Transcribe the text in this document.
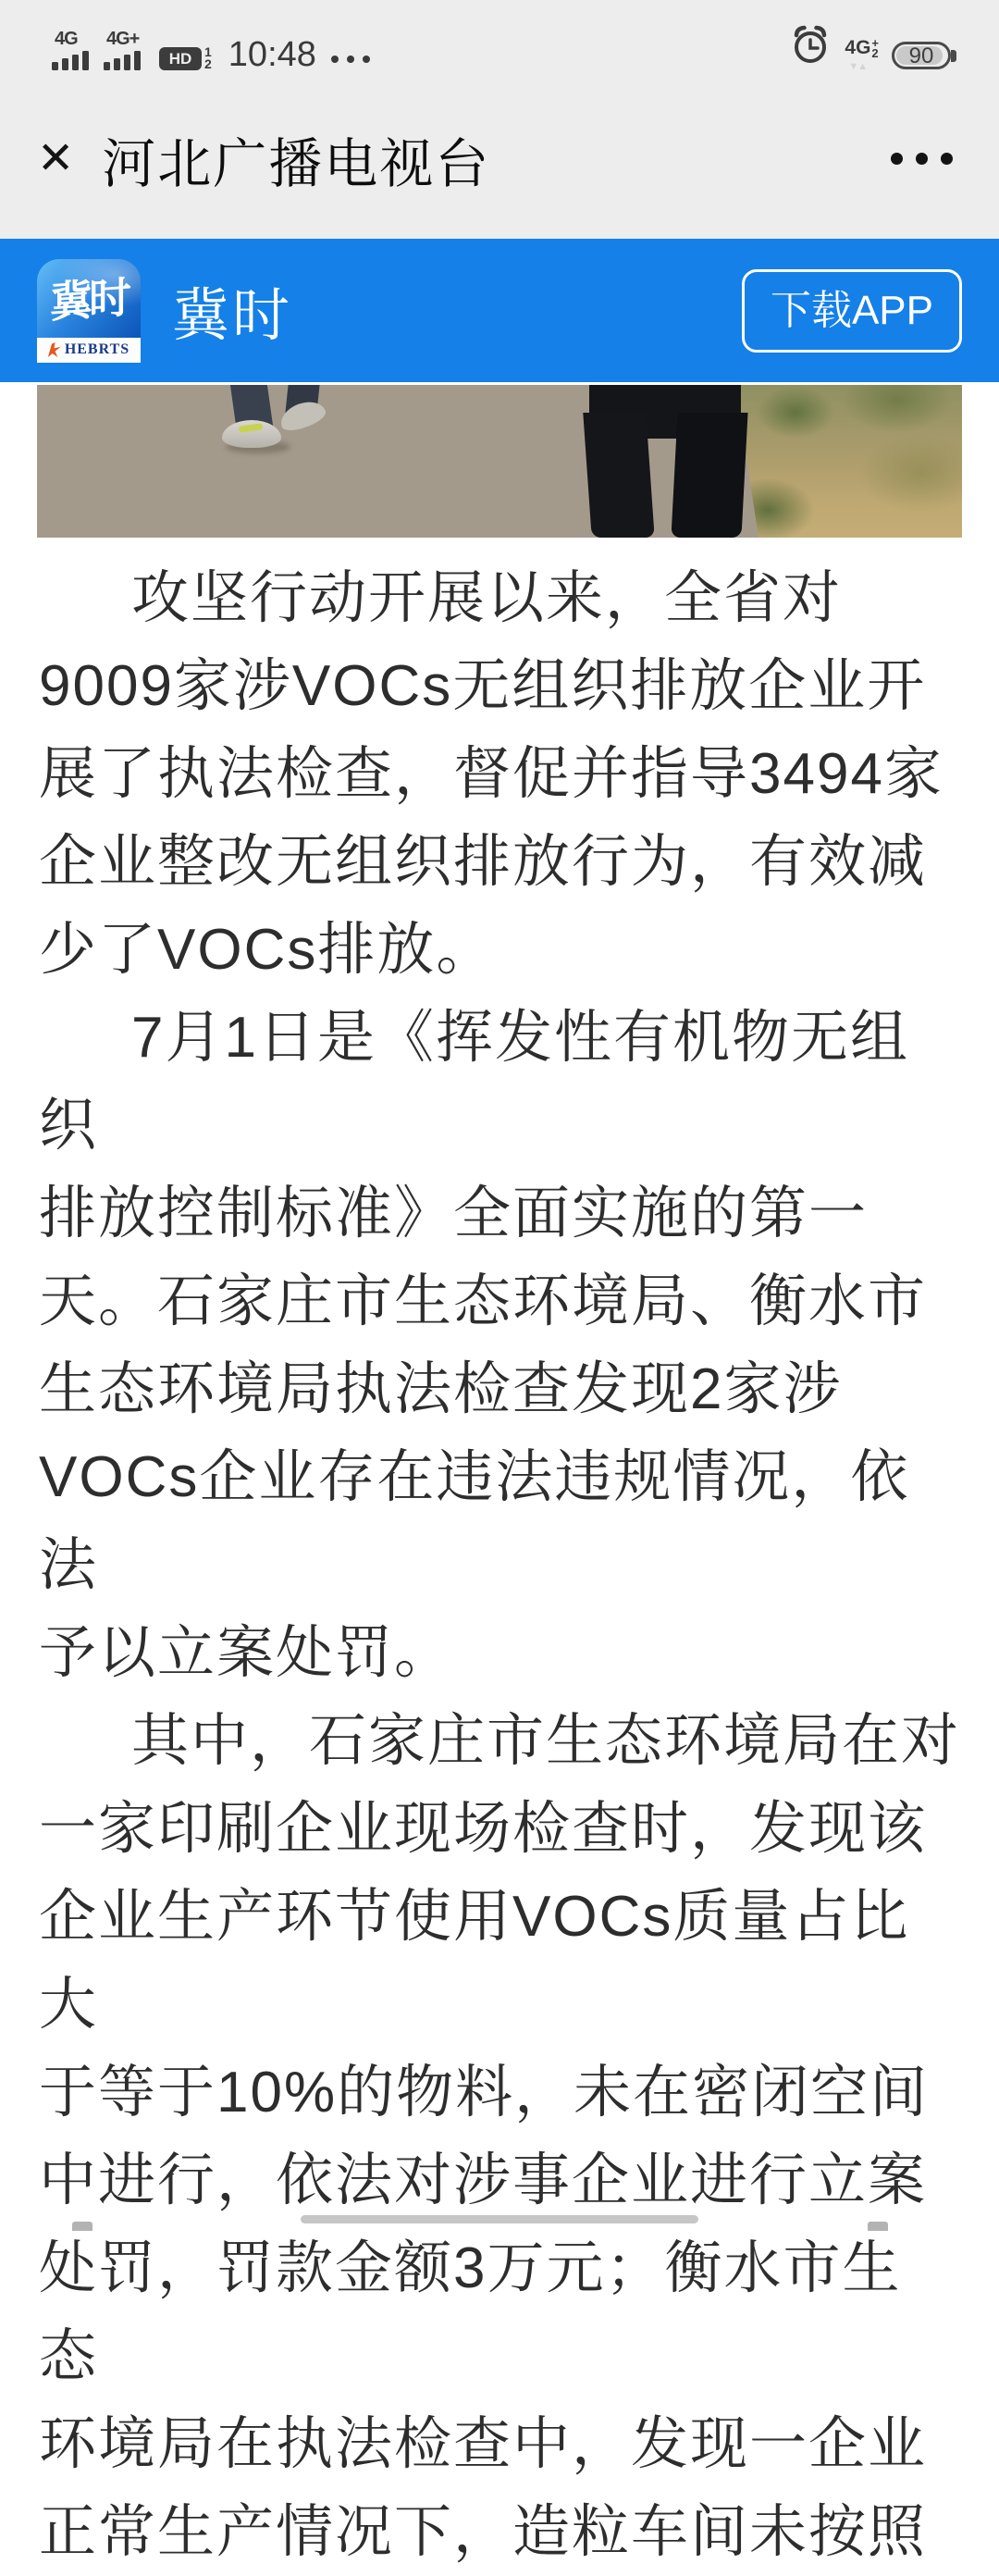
4G	4G+
HD 1
2 10:48	4G +
2
▼▲	90
✕ 河北广播电视台
冀时
HEBRTS
冀时	下载APP

攻坚行动开展以来，全省对
9009家涉VOCs无组织排放企业开
展了执法检查，督促并指导3494家
企业整改无组织排放行为，有效减
少了VOCs排放。

7月1日是《挥发性有机物无组织
排放控制标准》全面实施的第一
天。石家庄市生态环境局、衡水市
生态环境局执法检查发现2家涉
VOCs企业存在违法违规情况，依法
予以立案处罚。

其中，石家庄市生态环境局在对
一家印刷企业现场检查时，发现该
企业生产环节使用VOCs质量占比大
于等于10%的物料，未在密闭空间
中进行，依法对涉事企业进行立案
处罚，罚款金额3万元；衡水市生态
环境局在执法检查中，发现一企业
正常生产情况下，造粒车间未按照
